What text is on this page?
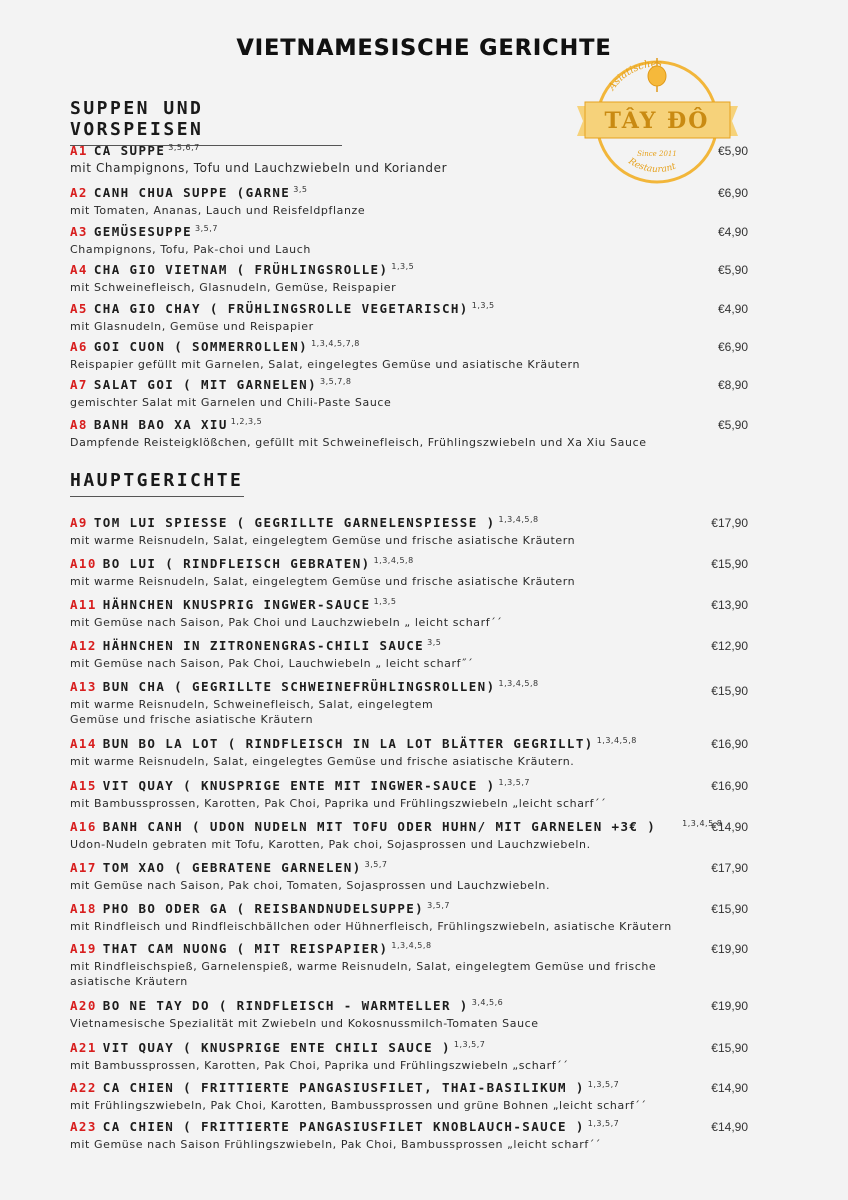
VIETNAMESISCHE GERICHTE
Asiatisches
TÂY ĐÔ
Since 2011
Restaurant
SUPPEN UND VORSPEISEN
A1 CA SUPPE $^{3,5,6,7}$
mit Champignons, Tofu und Lauchzwiebeln und Koriander
€5,90
A2 CANH CHUA SUPPE (GARNE $^{3,5}$
mit Tomaten, Ananas, Lauch und Reisfeldpflanze
€6,90
A3 GEMÜSESUPPE $^{3,5,7}$
Champignons, Tofu, Pak-choi und Lauch
€4,90
A4 CHA GIO VIETNAM ( FRÜHLINGSROLLE) $^{1,3,5}$
mit Schweinefleisch, Glasnudeln, Gemüse, Reispapier
€5,90
A5 CHA GIO CHAY ( FRÜHLINGSROLLE VEGETARISCH) $^{1,3,5}$
mit Glasnudeln, Gemüse und Reispapier
€4,90
A6 GOI CUON ( SOMMERROLLEN) $^{1,3,4,5,7,8}$
Reispapier gefüllt mit Garnelen, Salat, eingelegtes Gemüse und asiatische Kräutern
€6,90
A7 SALAT GOI ( MIT GARNELEN) $^{3,5,7,8}$
gemischter Salat mit Garnelen und Chili-Paste Sauce
€8,90
A8 BANH BAO XA XIU $^{1,2,3,5}$
Dampfende Reisteigklößchen, gefüllt mit Schweinefleisch, Frühlingszwiebeln und Xa Xiu Sauce
€5,90
HAUPTGERICHTE
A9 TOM LUI SPIESSE ( GEGRILLTE GARNELENSPIESSE ) $^{1,3,4,5,8}$
mit warme Reisnudeln, Salat, eingelegtem Gemüse und frische asiatische Kräutern
€17,90
A10 BO LUI ( RINDFLEISCH GEBRATEN) $^{1,3,4,5,8}$
mit warme Reisnudeln, Salat, eingelegtem Gemüse und frische asiatische Kräutern
€15,90
A11 HÄHNCHEN KNUSPRIG INGWER-SAUCE $^{1,3,5}$
mit Gemüse nach Saison, Pak Choi und Lauchzwiebeln „ leicht scharf´´
€13,90
A12 HÄHNCHEN IN ZITRONENGRAS-CHILI SAUCE $^{3,5}$
mit Gemüse nach Saison, Pak Choi, Lauchwiebeln „ leicht scharf˝´
€12,90
A13 BUN CHA ( GEGRILLTE SCHWEINEFRÜHLINGSROLLEN) $^{1,3,4,5,8}$
mit warme Reisnudeln, Schweinefleisch, Salat, eingelegtem Gemüse und frische asiatische Kräutern
€15,90
A14 BUN BO LA LOT ( RINDFLEISCH IN LA LOT BLÄTTER GEGRILLT) $^{1,3,4,5,8}$
mit warme Reisnudeln, Salat, eingelegtes Gemüse und frische asiatische Kräutern.
€16,90
A15 VIT QUAY ( KNUSPRIGE ENTE MIT INGWER-SAUCE ) $^{1,3,5,7}$
mit Bambussprossen, Karotten, Pak Choi, Paprika und Frühlingszwiebeln „leicht scharf´´
€16,90
A16 BANH CANH ( UDON NUDELN MIT TOFU ODER HUHN/ MIT GARNELEN +3€ )	$^{1,3,4,5,8}$
Udon-Nudeln gebraten mit Tofu, Karotten, Pak choi, Sojasprossen und Lauchzwiebeln.
€14,90
A17 TOM XAO ( GEBRATENE GARNELEN) $^{3,5,7}$
mit Gemüse nach Saison, Pak choi, Tomaten, Sojasprossen und Lauchzwiebeln.
€17,90
A18 PHO BO ODER GA ( REISBANDNUDELSUPPE) $^{3,5,7}$
mit Rindfleisch und Rindfleischbällchen oder Hühnerfleisch, Frühlingszwiebeln, asiatische Kräutern
€15,90
A19 THAT CAM NUONG ( MIT REISPAPIER) $^{1,3,4,5,8}$
mit Rindfleischspieß, Garnelenspieß, warme Reisnudeln, Salat, eingelegtem Gemüse und frische asiatische Kräutern
€19,90
A20 BO NE TAY DO ( RINDFLEISCH - WARMTELLER ) $^{3,4,5,6}$
Vietnamesische Spezialität mit Zwiebeln und Kokosnussmilch-Tomaten Sauce
€19,90
A21 VIT QUAY ( KNUSPRIGE ENTE CHILI SAUCE ) $^{1,3,5,7}$
mit Bambussprossen, Karotten, Pak Choi, Paprika und Frühlingszwiebeln „scharf´´
€15,90
A22 CA CHIEN ( FRITTIERTE PANGASIUSFILET, THAI-BASILIKUM ) $^{1,3,5,7}$
mit Frühlingszwiebeln, Pak Choi, Karotten, Bambussprossen und grüne Bohnen „leicht scharf´´
€14,90
A23 CA CHIEN ( FRITTIERTE PANGASIUSFILET KNOBLAUCH-SAUCE ) $^{1,3,5,7}$
mit Gemüse nach Saison Frühlingszwiebeln, Pak Choi, Bambussprossen „leicht scharf´´
€14,90
